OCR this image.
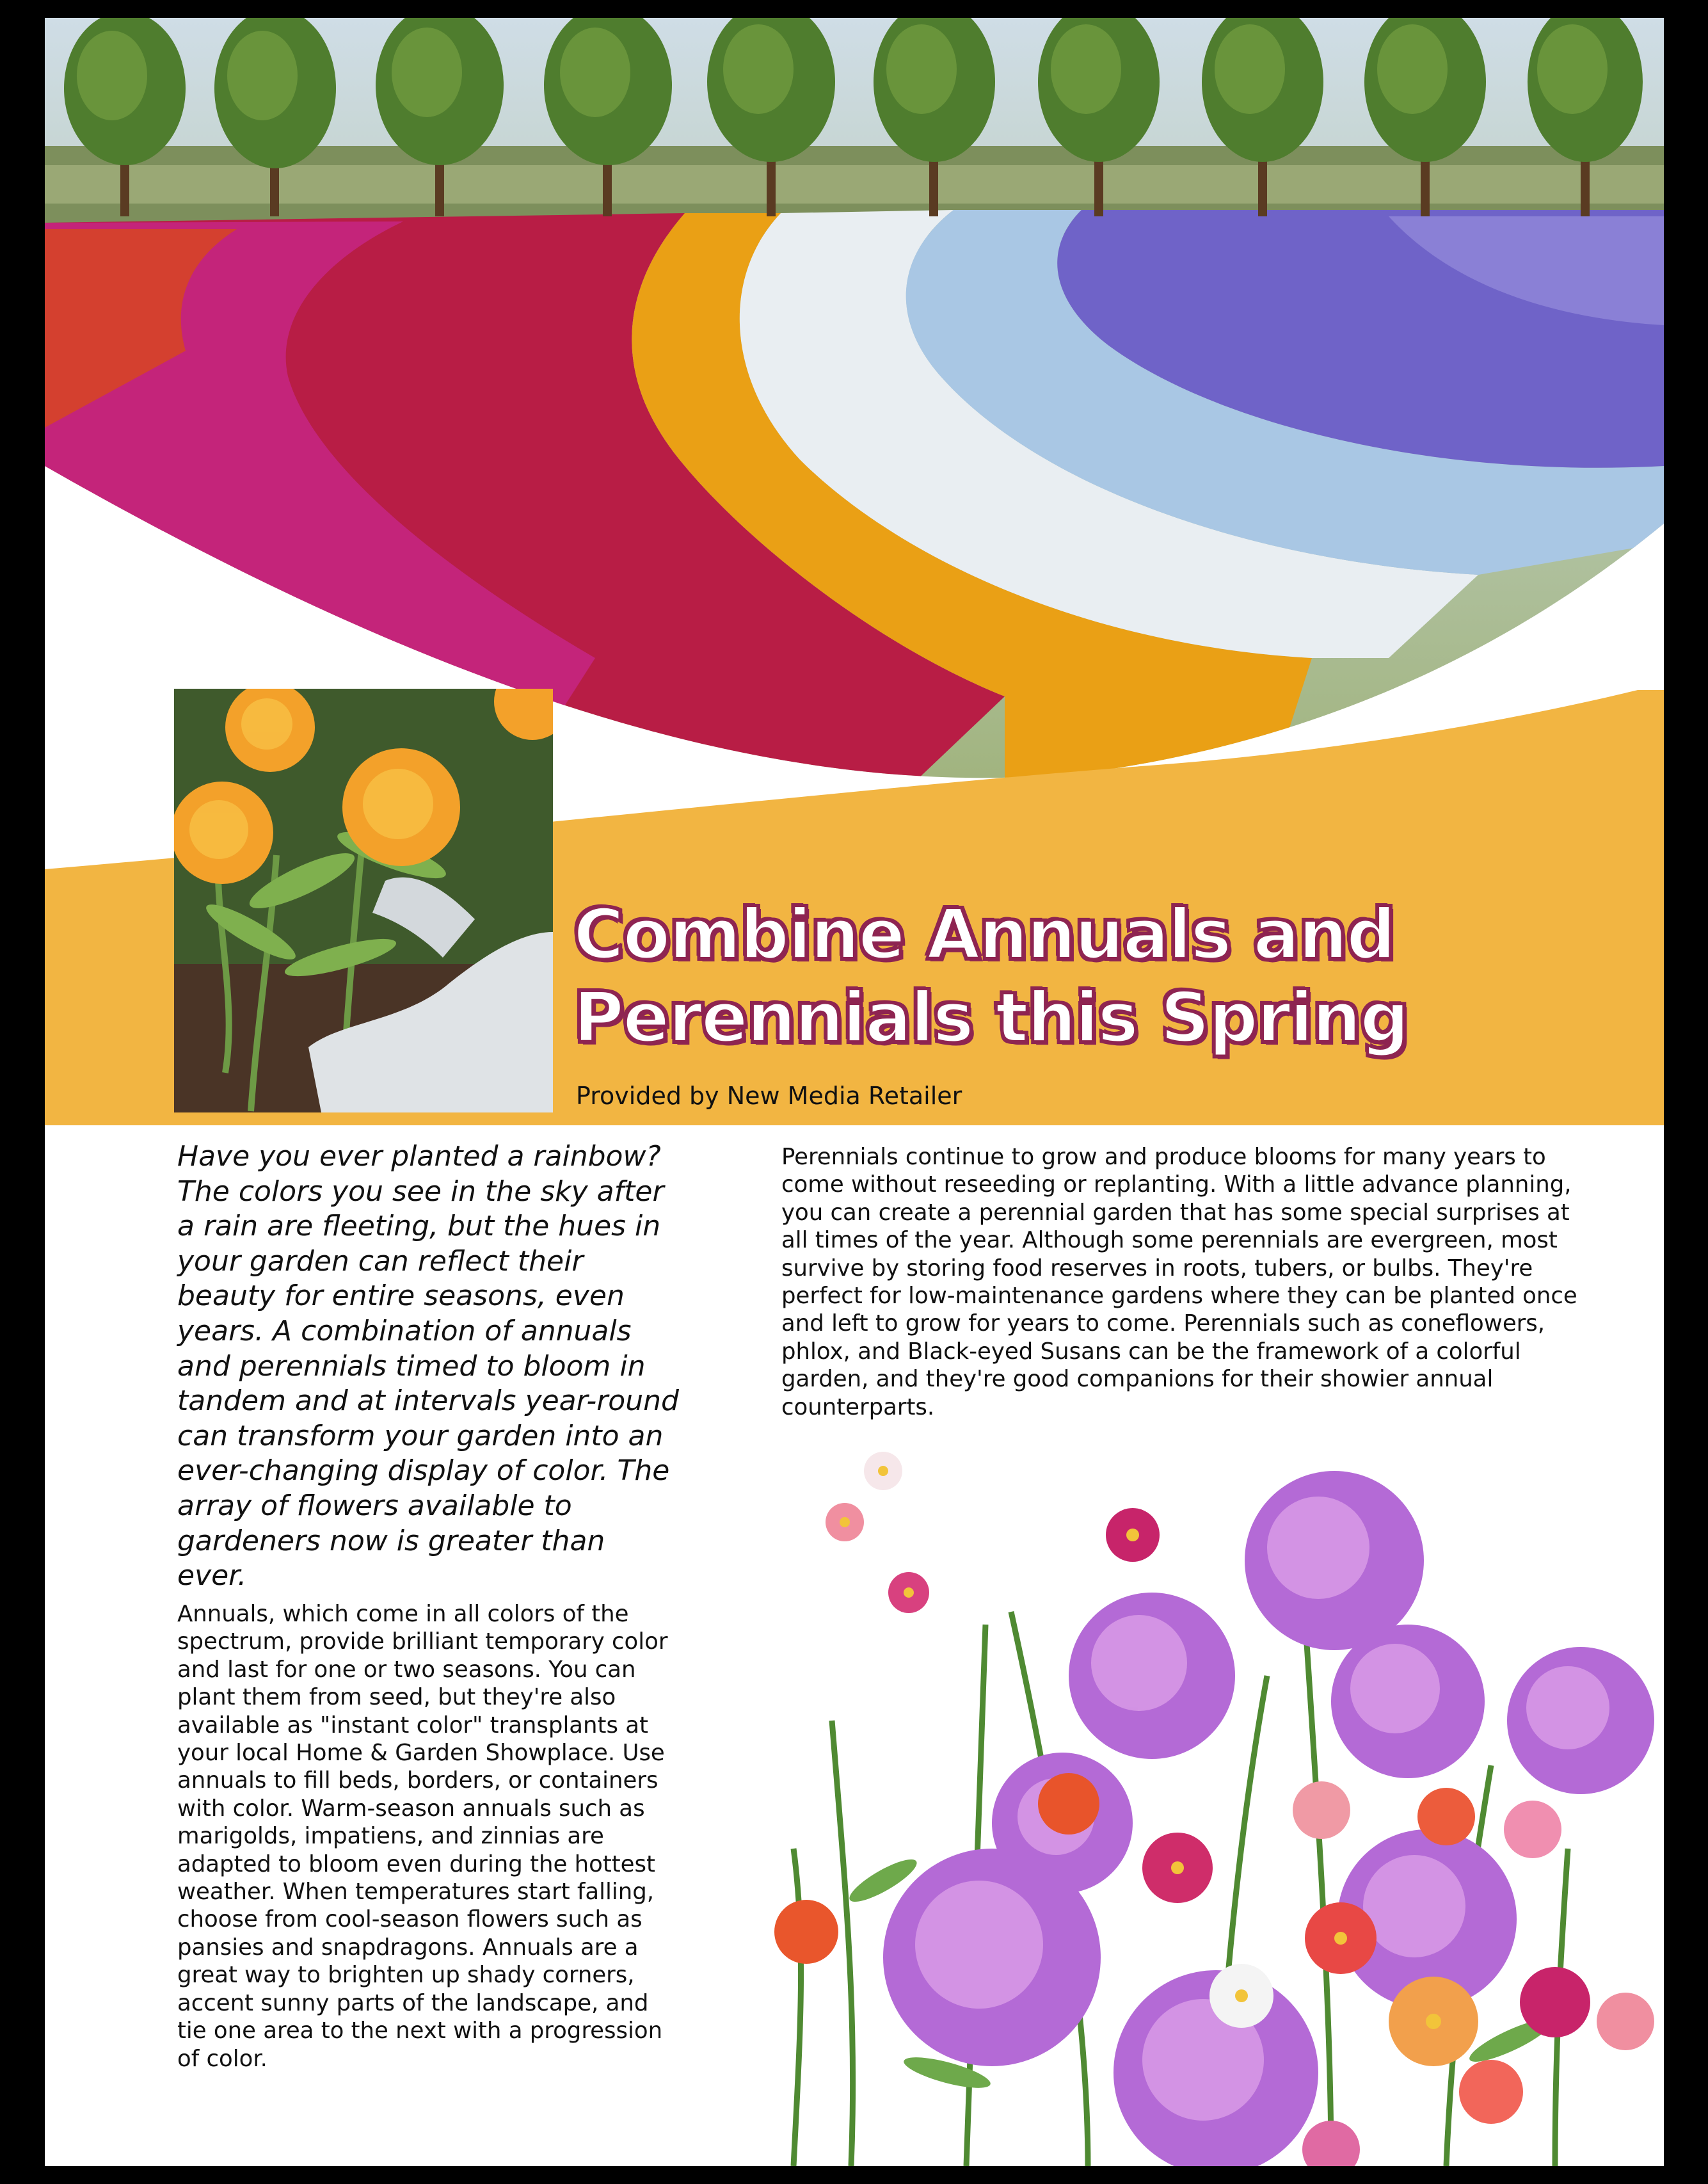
Combine Annuals and
Perennials this Spring
Provided by New Media Retailer

Have you ever planted a rainbow? The colors you see in the sky after a rain are fleeting, but the hues in your garden can reflect their beauty for entire seasons, even years. A combination of annuals and perennials timed to bloom in tandem and at intervals year-round can transform your garden into an ever-changing display of color. The array of flowers available to gardeners now is greater than ever.

Annuals, which come in all colors of the spectrum, provide brilliant temporary color and last for one or two seasons. You can plant them from seed, but they're also available as "instant color" transplants at your local Home & Garden Showplace. Use annuals to fill beds, borders, or containers with color. Warm-season annuals such as marigolds, impatiens, and zinnias are adapted to bloom even during the hottest weather. When temperatures start falling, choose from cool-season flowers such as pansies and snapdragons. Annuals are a great way to brighten up shady corners, accent sunny parts of the landscape, and tie one area to the next with a progression of color.

Perennials continue to grow and produce blooms for many years to come without reseeding or replanting. With a little advance planning, you can create a perennial garden that has some special surprises at all times of the year. Although some perennials are evergreen, most survive by storing food reserves in roots, tubers, or bulbs. They're perfect for low-maintenance gardens where they can be planted once and left to grow for years to come. Perennials such as coneflowers, phlox, and Black-eyed Susans can be the framework of a colorful garden, and they're good companions for their showier annual counterparts.
